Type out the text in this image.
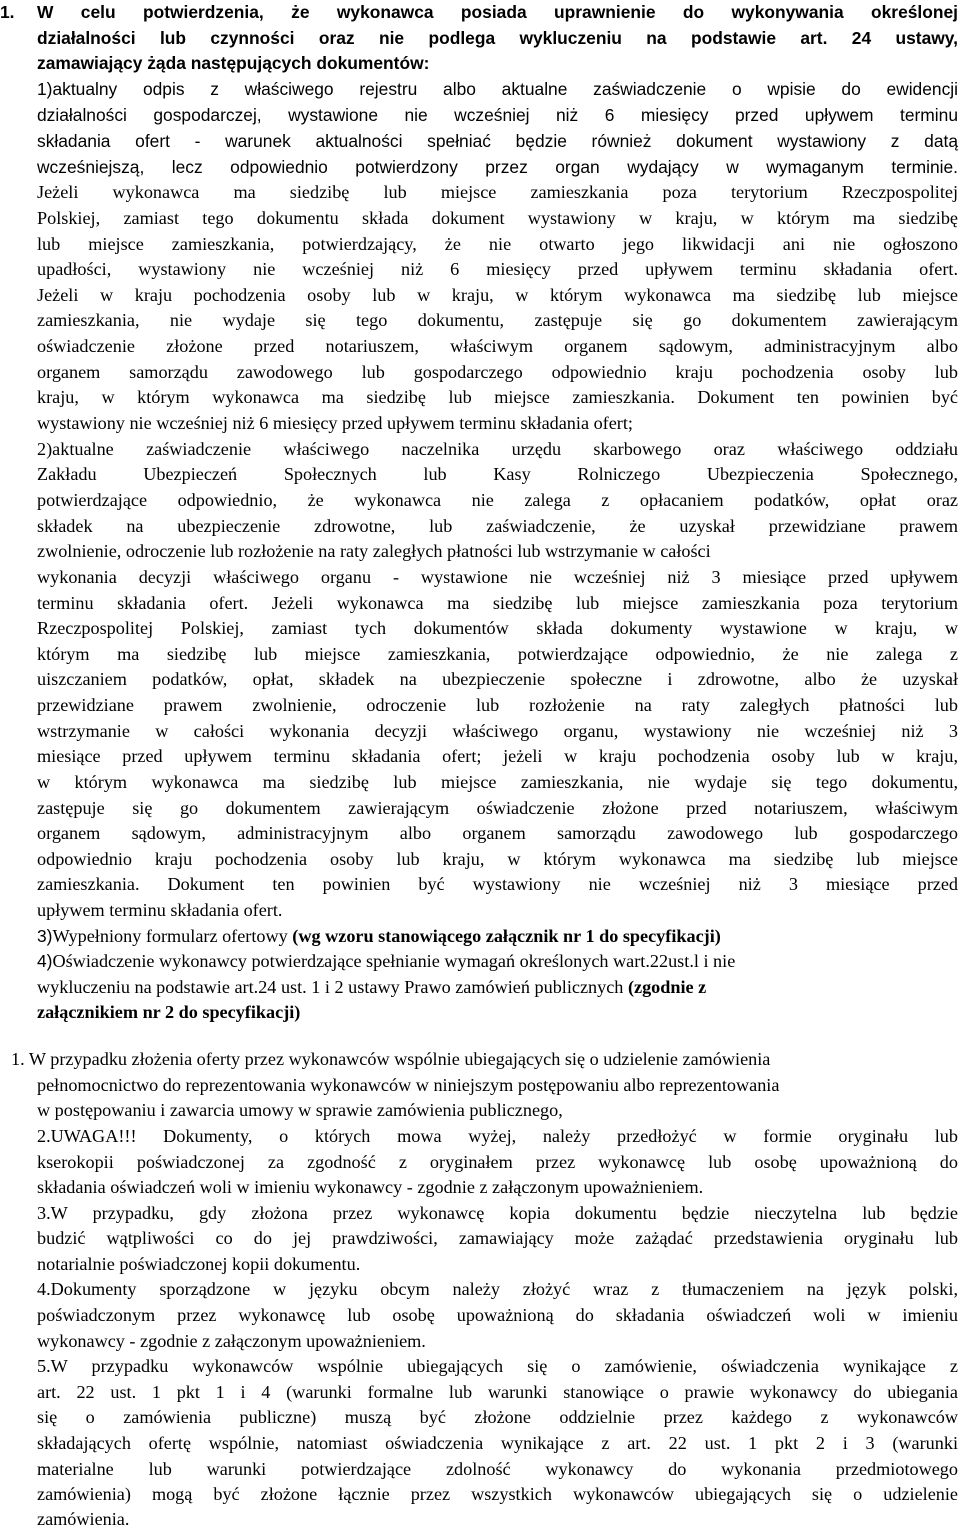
1. W celu potwierdzenia, że wykonawca posiada uprawnienie do wykonywania określonej
działalności lub czynności oraz nie podlega wykluczeniu na podstawie art. 24 ustawy,
zamawiający żąda następujących dokumentów:
1)aktualny odpis z właściwego rejestru albo aktualne zaświadczenie o wpisie do ewidencji
działalności gospodarczej, wystawione nie wcześniej niż 6 miesięcy przed upływem terminu
składania ofert - warunek aktualności spełniać będzie również dokument wystawiony z datą
wcześniejszą, lecz odpowiednio potwierdzony przez organ wydający w wymaganym terminie.
Jeżeli wykonawca ma siedzibę lub miejsce zamieszkania poza terytorium Rzeczpospolitej
Polskiej, zamiast tego dokumentu składa dokument wystawiony w kraju, w którym ma siedzibę
lub miejsce zamieszkania, potwierdzający, że nie otwarto jego likwidacji ani nie ogłoszono
upadłości, wystawiony nie wcześniej niż 6 miesięcy przed upływem terminu składania ofert.
Jeżeli w kraju pochodzenia osoby lub w kraju, w którym wykonawca ma siedzibę lub miejsce
zamieszkania, nie wydaje się tego dokumentu, zastępuje się go dokumentem zawierającym
oświadczenie złożone przed notariuszem, właściwym organem sądowym, administracyjnym albo
organem samorządu zawodowego lub gospodarczego odpowiednio kraju pochodzenia osoby lub
kraju, w którym wykonawca ma siedzibę lub miejsce zamieszkania. Dokument ten powinien być
wystawiony nie wcześniej niż 6 miesięcy przed upływem terminu składania ofert;
2)aktualne zaświadczenie właściwego naczelnika urzędu skarbowego oraz właściwego oddziału
Zakładu Ubezpieczeń Społecznych lub Kasy Rolniczego Ubezpieczenia Społecznego,
potwierdzające odpowiednio, że wykonawca nie zalega z opłacaniem podatków, opłat oraz
składek na ubezpieczenie zdrowotne, lub zaświadczenie, że uzyskał przewidziane prawem
zwolnienie, odroczenie lub rozłożenie na raty zaległych płatności lub wstrzymanie w całości
wykonania decyzji właściwego organu - wystawione nie wcześniej niż 3 miesiące przed upływem
terminu składania ofert. Jeżeli wykonawca ma siedzibę lub miejsce zamieszkania poza terytorium
Rzeczpospolitej Polskiej, zamiast tych dokumentów składa dokumenty wystawione w kraju, w
którym ma siedzibę lub miejsce zamieszkania, potwierdzające odpowiednio, że nie zalega z
uiszczaniem podatków, opłat, składek na ubezpieczenie społeczne i zdrowotne, albo że uzyskał
przewidziane prawem zwolnienie, odroczenie lub rozłożenie na raty zaległych płatności lub
wstrzymanie w całości wykonania decyzji właściwego organu, wystawiony nie wcześniej niż 3
miesiące przed upływem terminu składania ofert; jeżeli w kraju pochodzenia osoby lub w kraju,
w którym wykonawca ma siedzibę lub miejsce zamieszkania, nie wydaje się tego dokumentu,
zastępuje się go dokumentem zawierającym oświadczenie złożone przed notariuszem, właściwym
organem sądowym, administracyjnym albo organem samorządu zawodowego lub gospodarczego
odpowiednio kraju pochodzenia osoby lub kraju, w którym wykonawca ma siedzibę lub miejsce
zamieszkania. Dokument ten powinien być wystawiony nie wcześniej niż 3 miesiące przed
upływem terminu składania ofert.
3)Wypełniony formularz ofertowy (wg wzoru stanowiącego załącznik nr 1 do specyfikacji)
4)Oświadczenie wykonawcy potwierdzające spełnianie wymagań określonych wart.22ust.l i nie
wykluczeniu na podstawie art.24 ust. 1 i 2 ustawy Prawo zamówień publicznych (zgodnie z
załącznikiem nr 2 do specyfikacji)
1. W przypadku złożenia oferty przez wykonawców wspólnie ubiegających się o udzielenie zamówienia
pełnomocnictwo do reprezentowania wykonawców w niniejszym postępowaniu albo reprezentowania
w postępowaniu i zawarcia umowy w sprawie zamówienia publicznego,
2.UWAGA!!! Dokumenty, o których mowa wyżej, należy przedłożyć w formie oryginału lub
kserokopii poświadczonej za zgodność z oryginałem przez wykonawcę lub osobę upoważnioną do
składania oświadczeń woli w imieniu wykonawcy - zgodnie z załączonym upoważnieniem.
3.W przypadku, gdy złożona przez wykonawcę kopia dokumentu będzie nieczytelna lub będzie
budzić wątpliwości co do jej prawdziwości, zamawiający może zażądać przedstawienia oryginału lub
notarialnie poświadczonej kopii dokumentu.
4.Dokumenty sporządzone w języku obcym należy złożyć wraz z tłumaczeniem na język polski,
poświadczonym przez wykonawcę lub osobę upoważnioną do składania oświadczeń woli w imieniu
wykonawcy - zgodnie z załączonym upoważnieniem.
5.W przypadku wykonawców wspólnie ubiegających się o zamówienie, oświadczenia wynikające z
art. 22 ust. 1 pkt 1 i 4 (warunki formalne lub warunki stanowiące o prawie wykonawcy do ubiegania
się o zamówienia publiczne) muszą być złożone oddzielnie przez każdego z wykonawców
składających ofertę wspólnie, natomiast oświadczenia wynikające z art. 22 ust. 1 pkt 2 i 3 (warunki
materialne lub warunki potwierdzające zdolność wykonawcy do wykonania przedmiotowego
zamówienia) mogą być złożone łącznie przez wszystkich wykonawców ubiegających się o udzielenie
zamówienia.
